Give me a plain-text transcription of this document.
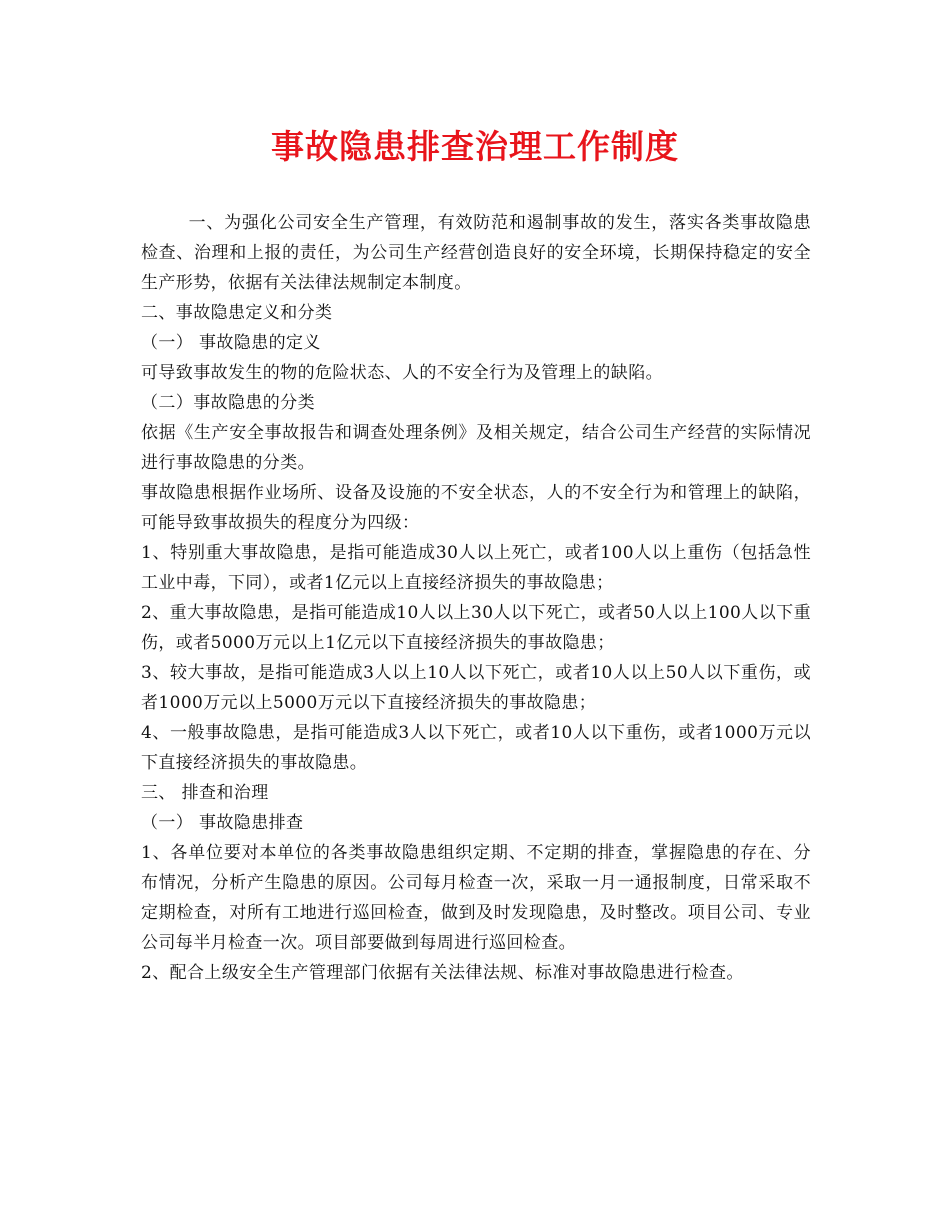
事故隐患排查治理工作制度

一、为强化公司安全生产管理，有效防范和遏制事故的发生，落实各类事故隐患检查、治理和上报的责任，为公司生产经营创造良好的安全环境，长期保持稳定的安全生产形势，依据有关法律法规制定本制度。

二、事故隐患定义和分类

（一） 事故隐患的定义

可导致事故发生的物的危险状态、人的不安全行为及管理上的缺陷。

（二）事故隐患的分类

依据《生产安全事故报告和调查处理条例》及相关规定，结合公司生产经营的实际情况进行事故隐患的分类。

事故隐患根据作业场所、设备及设施的不安全状态，人的不安全行为和管理上的缺陷，可能导致事故损失的程度分为四级：

1、特别重大事故隐患，是指可能造成30人以上死亡，或者100人以上重伤（包括急性工业中毒，下同），或者1亿元以上直接经济损失的事故隐患；

2、重大事故隐患，是指可能造成10人以上30人以下死亡，或者50人以上100人以下重伤，或者5000万元以上1亿元以下直接经济损失的事故隐患；

3、较大事故，是指可能造成3人以上10人以下死亡，或者10人以上50人以下重伤，或者1000万元以上5000万元以下直接经济损失的事故隐患；

4、一般事故隐患，是指可能造成3人以下死亡，或者10人以下重伤，或者1000万元以下直接经济损失的事故隐患。

三、 排查和治理

（一） 事故隐患排查

1、各单位要对本单位的各类事故隐患组织定期、不定期的排查，掌握隐患的存在、分布情况，分析产生隐患的原因。公司每月检查一次，采取一月一通报制度，日常采取不定期检查，对所有工地进行巡回检查，做到及时发现隐患，及时整改。项目公司、专业公司每半月检查一次。项目部要做到每周进行巡回检查。

2、配合上级安全生产管理部门依据有关法律法规、标准对事故隐患进行检查。
